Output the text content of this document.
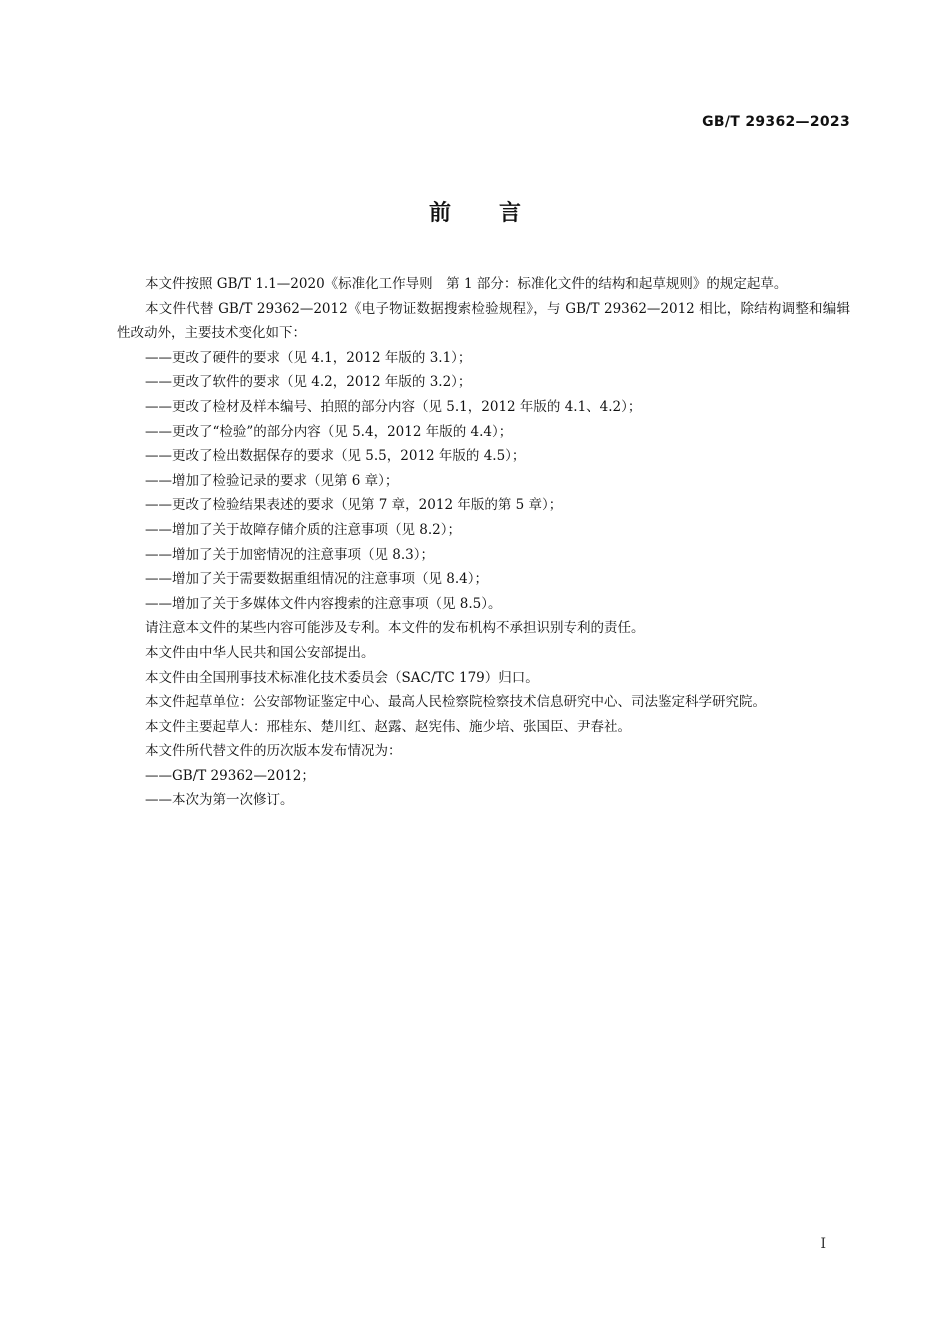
GB/T 29362—2023
前言

本文件按照 GB/T 1.1—2020《标准化工作导则　第 1 部分：标准化文件的结构和起草规则》的规定起草。

本文件代替 GB/T 29362—2012《电子物证数据搜索检验规程》，与 GB/T 29362—2012 相比，除结构调整和编辑性改动外，主要技术变化如下：

——更改了硬件的要求（见 4.1，2012 年版的 3.1）；

——更改了软件的要求（见 4.2，2012 年版的 3.2）；

——更改了检材及样本编号、拍照的部分内容（见 5.1，2012 年版的 4.1、4.2）；

——更改了“检验”的部分内容（见 5.4，2012 年版的 4.4）；

——更改了检出数据保存的要求（见 5.5，2012 年版的 4.5）；

——增加了检验记录的要求（见第 6 章）；

——更改了检验结果表述的要求（见第 7 章，2012 年版的第 5 章）；

——增加了关于故障存储介质的注意事项（见 8.2）；

——增加了关于加密情况的注意事项（见 8.3）；

——增加了关于需要数据重组情况的注意事项（见 8.4）；

——增加了关于多媒体文件内容搜索的注意事项（见 8.5）。

请注意本文件的某些内容可能涉及专利。本文件的发布机构不承担识别专利的责任。

本文件由中华人民共和国公安部提出。

本文件由全国刑事技术标准化技术委员会（SAC/TC 179）归口。

本文件起草单位：公安部物证鉴定中心、最高人民检察院检察技术信息研究中心、司法鉴定科学研究院。

本文件主要起草人：邢桂东、楚川红、赵露、赵宪伟、施少培、张国臣、尹春社。

本文件所代替文件的历次版本发布情况为：

——GB/T 29362—2012；

——本次为第一次修订。

I
